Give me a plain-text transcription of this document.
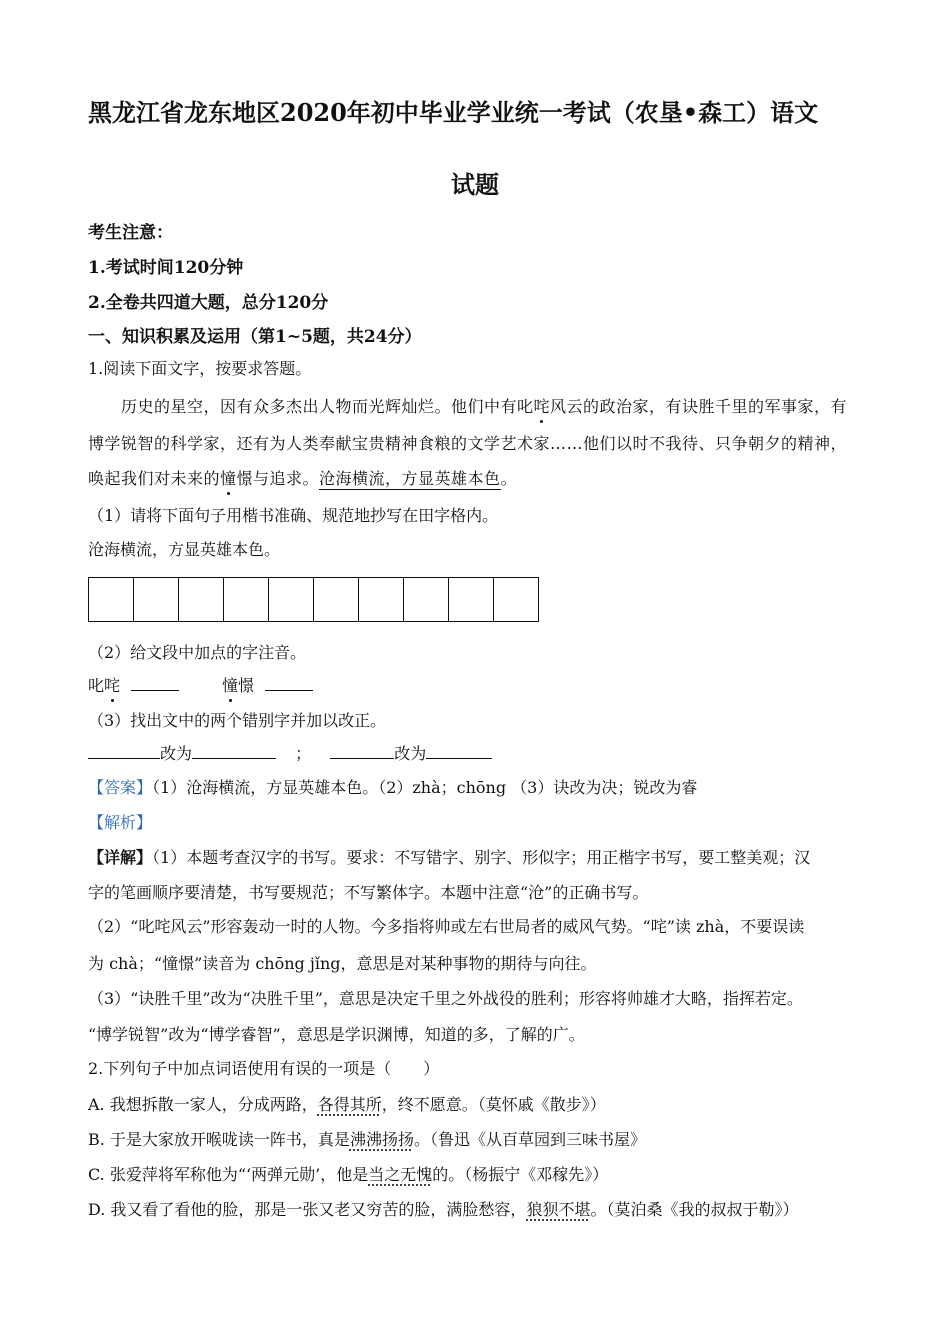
黑龙江省龙东地区2020年初中毕业学业统一考试（农垦•森工）语文
试题
考生注意：
1.考试时间120分钟
2.全卷共四道大题，总分120分
一、知识积累及运用（第1~5题，共24分）
1.阅读下面文字，按要求答题。
历史的星空，因有众多杰出人物而光辉灿烂。他们中有叱咤风云的政治家，有诀胜千里的军事家，有
博学锐智的科学家，还有为人类奉献宝贵精神食粮的文学艺术家……他们以时不我待、只争朝夕的精神，
唤起我们对未来的憧憬与追求。沧海横流，方显英雄本色。
（1）请将下面句子用楷书准确、规范地抄写在田字格内。
沧海横流，方显英雄本色。
（2）给文段中加点的字注音。
叱咤	憧憬
（3）找出文中的两个错别字并加以改正。
改为	；	改为
【答案】（1）沧海横流，方显英雄本色。（2）zhà；chōng （3）诀改为决；锐改为睿
【解析】
【详解】（1）本题考查汉字的书写。要求：不写错字、别字、形似字；用正楷字书写，要工整美观；汉
字的笔画顺序要清楚，书写要规范；不写繁体字。本题中注意“沧”的正确书写。
（2）“叱咤风云”形容轰动一时的人物。今多指将帅或左右世局者的威风气势。“咤”读 zhà，不要误读
为 chà；“憧憬”读音为 chōng jǐng，意思是对某种事物的期待与向往。
（3）“诀胜千里”改为“决胜千里”，意思是决定千里之外战役的胜利；形容将帅雄才大略，指挥若定。
“博学锐智”改为“博学睿智”，意思是学识渊博，知道的多，了解的广。
2.下列句子中加点词语使用有误的一项是（　　）
A. 我想拆散一家人，分成两路，各得其所，终不愿意。（莫怀戚《散步》）
B. 于是大家放开喉咙读一阵书，真是沸沸扬扬。（鲁迅《从百草园到三味书屋》
C. 张爱萍将军称他为“‘两弹元勋’，他是当之无愧的。（杨振宁《邓稼先》）
D. 我又看了看他的脸，那是一张又老又穷苦的脸，满脸愁容，狼狈不堪。（莫泊桑《我的叔叔于勒》）
